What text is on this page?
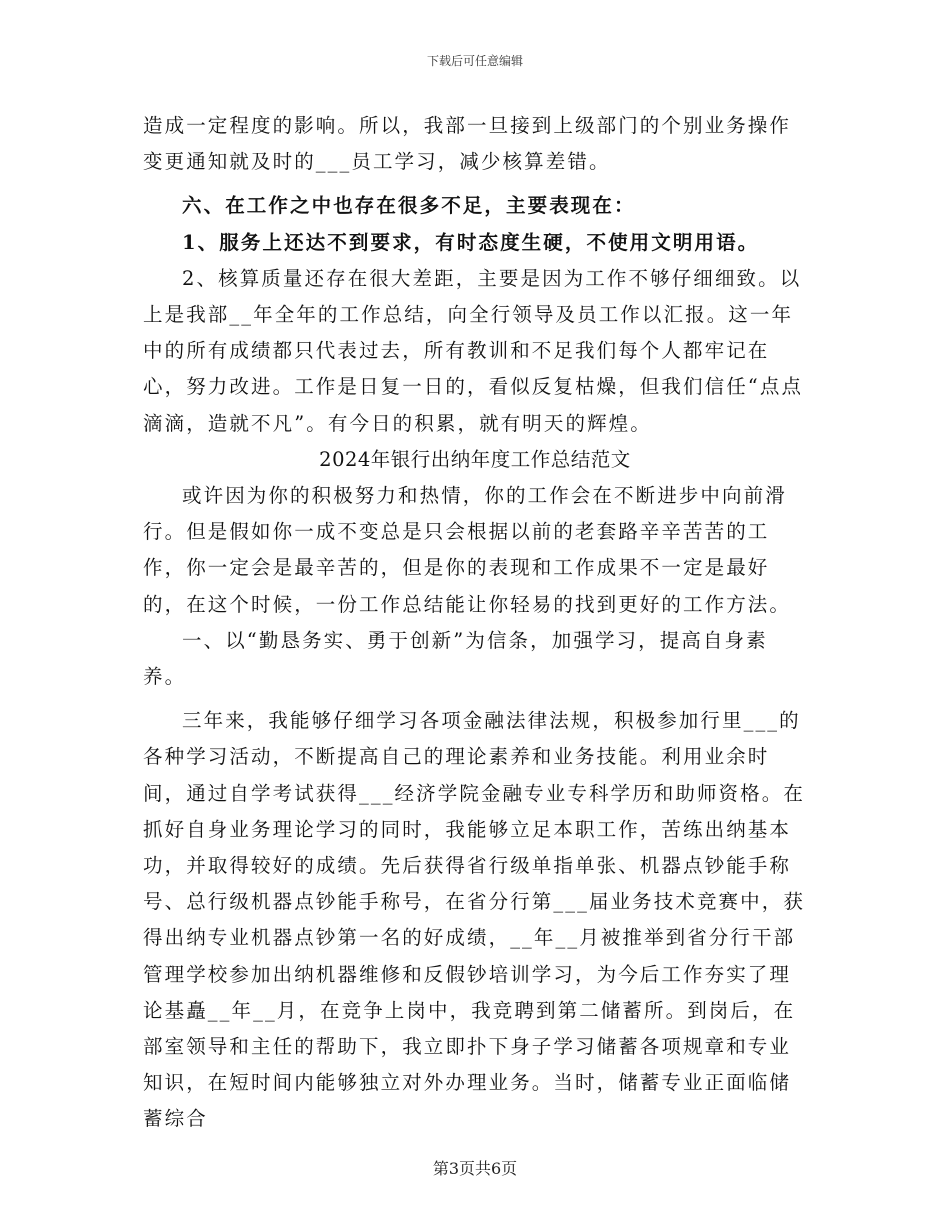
下载后可任意编辑

造成一定程度的影响。所以，我部一旦接到上级部门的个别业务操作变更通知就及时的___员工学习，减少核算差错。

六、在工作之中也存在很多不足，主要表现在：

1、服务上还达不到要求，有时态度生硬，不使用文明用语。

2、核算质量还存在很大差距，主要是因为工作不够仔细细致。以上是我部__年全年的工作总结，向全行领导及员工作以汇报。这一年中的所有成绩都只代表过去，所有教训和不足我们每个人都牢记在心，努力改进。工作是日复一日的，看似反复枯燥，但我们信任“点点滴滴，造就不凡”。有今日的积累，就有明天的辉煌。

2024年银行出纳年度工作总结范文

或许因为你的积极努力和热情，你的工作会在不断进步中向前滑行。但是假如你一成不变总是只会根据以前的老套路辛辛苦苦的工作，你一定会是最辛苦的，但是你的表现和工作成果不一定是最好的，在这个时候，一份工作总结能让你轻易的找到更好的工作方法。

一、以“勤恳务实、勇于创新”为信条，加强学习，提高自身素养。

三年来，我能够仔细学习各项金融法律法规，积极参加行里___的各种学习活动，不断提高自己的理论素养和业务技能。利用业余时间，通过自学考试获得___经济学院金融专业专科学历和助师资格。在抓好自身业务理论学习的同时，我能够立足本职工作，苦练出纳基本功，并取得较好的成绩。先后获得省行级单指单张、机器点钞能手称号、总行级机器点钞能手称号，在省分行第___届业务技术竞赛中，获得出纳专业机器点钞第一名的好成绩，__年__月被推举到省分行干部管理学校参加出纳机器维修和反假钞培训学习，为今后工作夯实了理论基矗__年__月，在竞争上岗中，我竞聘到第二储蓄所。到岗后，在部室领导和主任的帮助下，我立即扑下身子学习储蓄各项规章和专业知识，在短时间内能够独立对外办理业务。当时，储蓄专业正面临储蓄综合

第3页共6页
